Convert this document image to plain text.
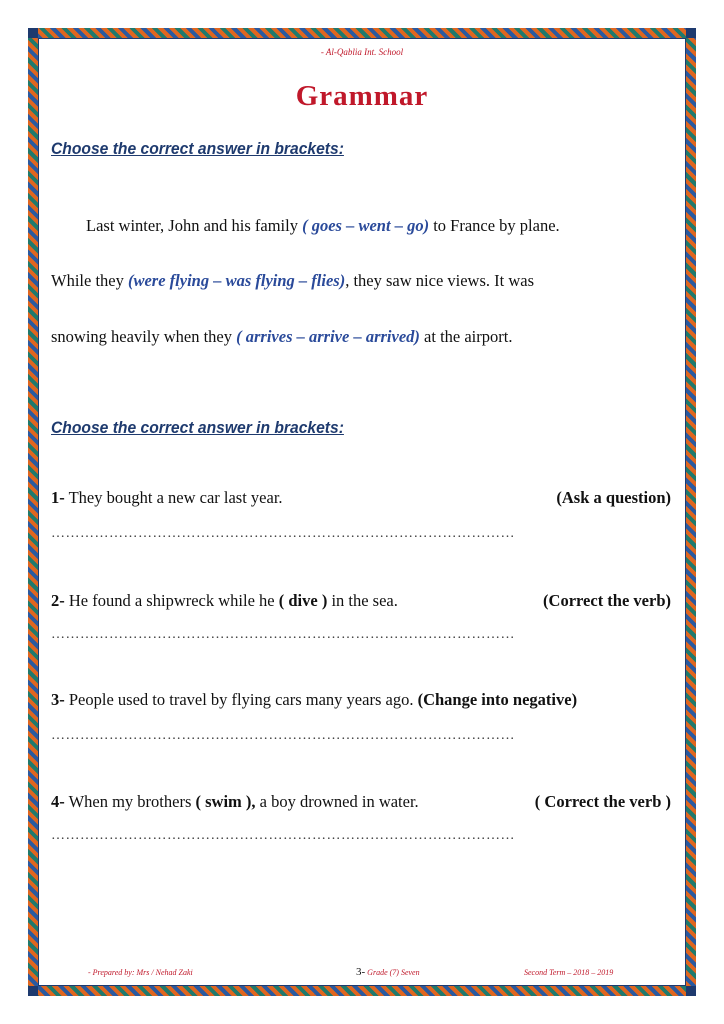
- Al-Qablia Int. School
Grammar
Choose the correct answer in brackets:
Last winter, John and his family ( goes – went – go) to France by plane.
While they (were flying – was flying – flies), they saw nice views. It was
snowing heavily when they ( arrives – arrive – arrived) at the airport.
Choose the correct answer in brackets:
1- They bought a new car last year.	(Ask a question)
……………………………………………………………………………………
2- He found a shipwreck while he ( dive ) in the sea.	(Correct the verb)
……………………………………………………………………………………
3- People used to travel by flying cars many years ago. (Change into negative)
……………………………………………………………………………………
4- When my brothers ( swim ), a boy drowned in water.	( Correct the verb )
……………………………………………………………………………………
- Prepared by: Mrs / Nehad Zaki	3- Grade (7) Seven	Second Term – 2018 – 2019
